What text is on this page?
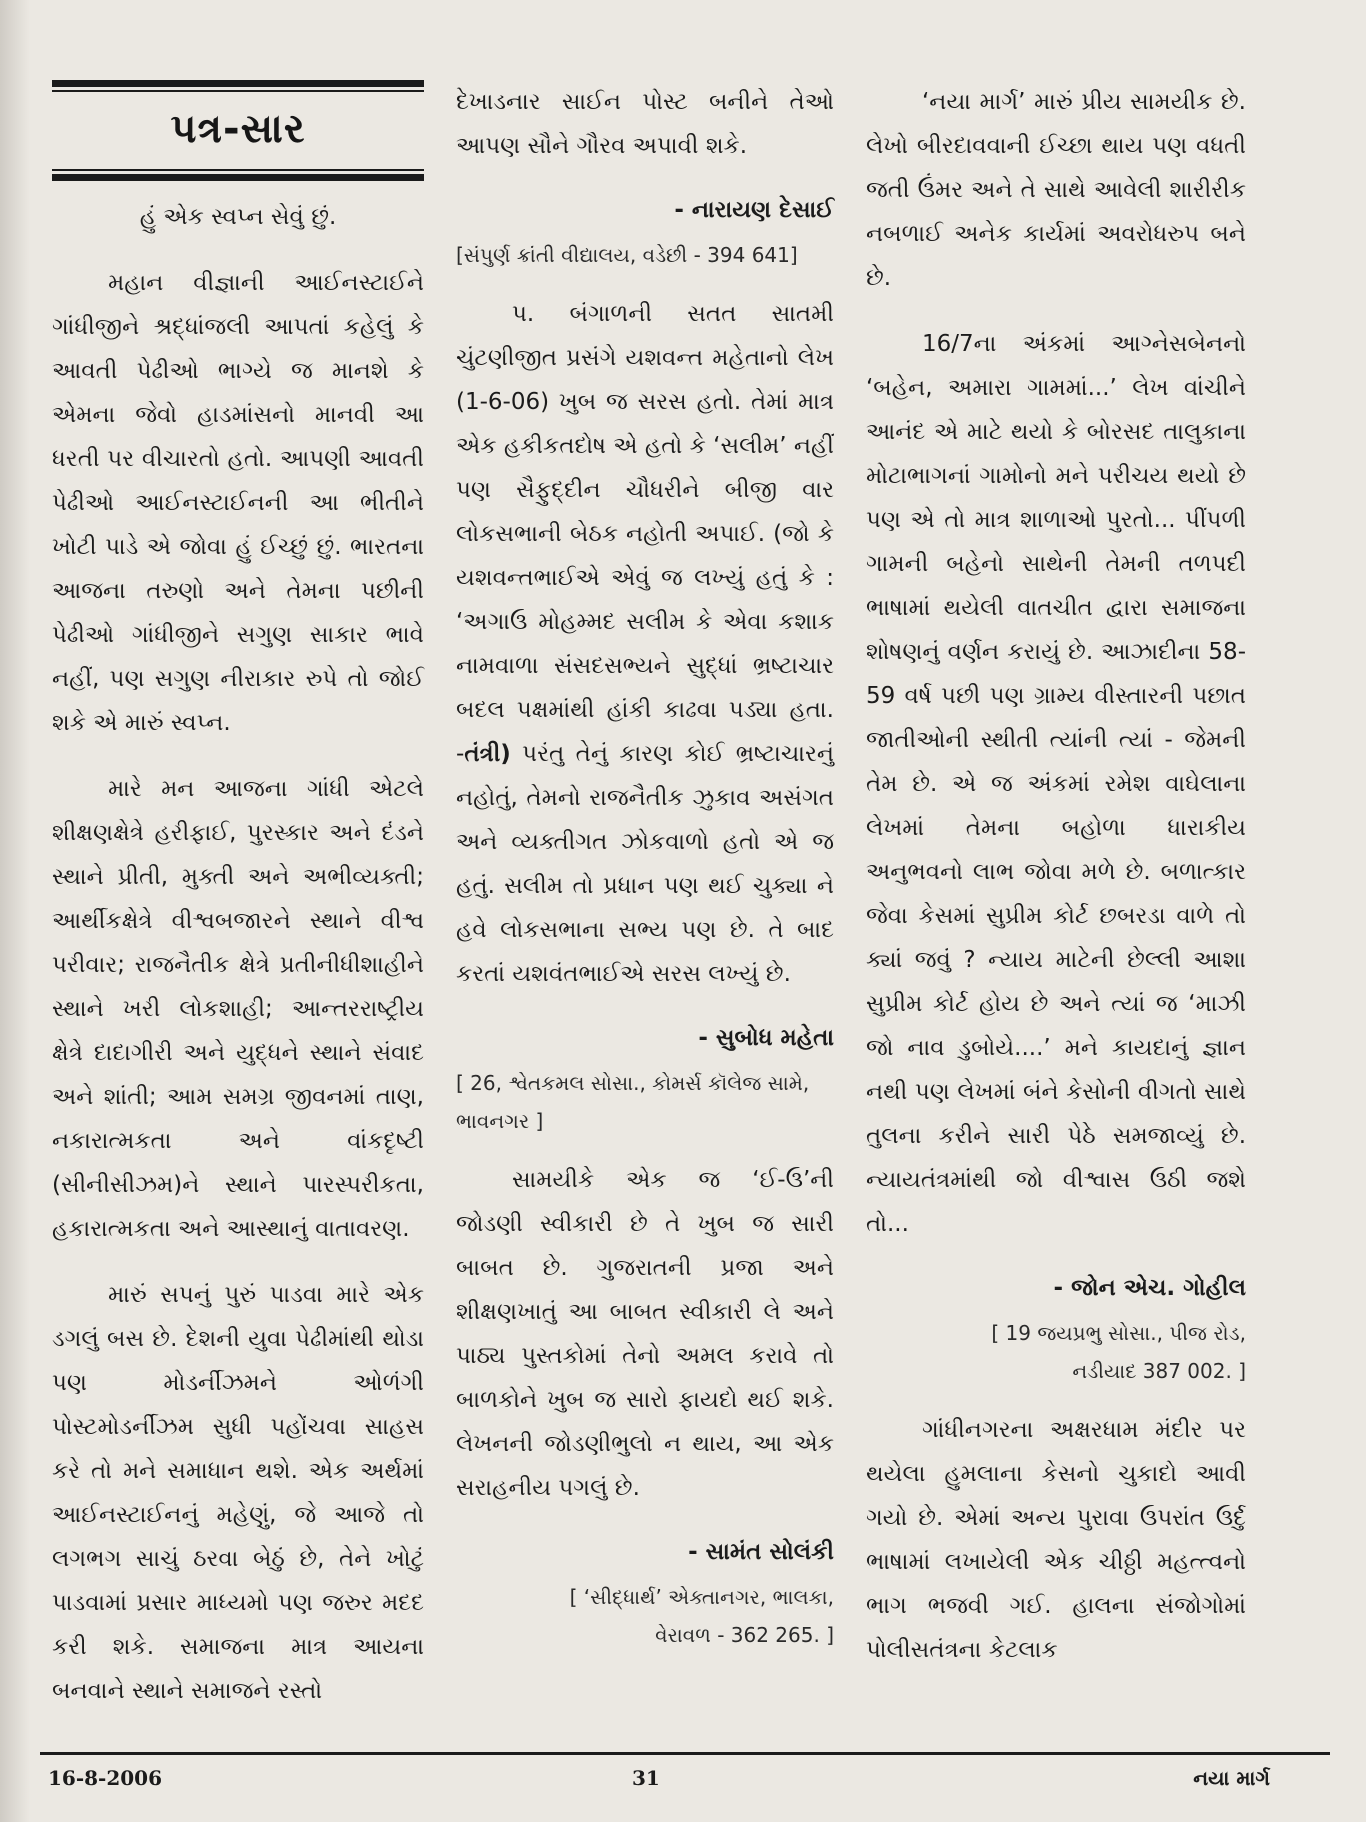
પત્ર-સાર

હું એક સ્વપ્ન સેવું છું.

મહાન વીજ્ઞાની આઈનસ્ટાઈને ગાંધીજીને શ્રદ્ધાંજલી આપતાં કહેલું કે આવતી પેઢીઓ ભાગ્યે જ માનશે કે એમના જેવો હાડમાંસનો માનવી આ ધરતી પર વીચારતો હતો. આપણી આવતી પેઢીઓ આઈનસ્ટાઈનની આ ભીતીને ખોટી પાડે એ જોવા હું ઈચ્છું છું. ભારતના આજના તરુણો અને તેમના પછીની પેઢીઓ ગાંધીજીને સગુણ સાકાર ભાવે નહીં, પણ સગુણ નીરાકાર રુપે તો જોઈ શકે એ મારું સ્વપ્ન.

મારે મન આજના ગાંધી એટલે શીક્ષણક્ષેત્રે હરીફાઈ, પુરસ્કાર અને દંડને સ્થાને પ્રીતી, મુક્તી અને અભીવ્યક્તી; આર્થીકક્ષેત્રે વીશ્વબજારને સ્થાને વીશ્વ પરીવાર; રાજનૈતીક ક્ષેત્રે પ્રતીનીધીશાહીને સ્થાને ખરી લોકશાહી; આન્તરરાષ્ટ્રીય ક્ષેત્રે દાદાગીરી અને યુદ્ધને સ્થાને સંવાદ અને શાંતી; આમ સમગ્ર જીવનમાં તાણ, નકારાત્મકતા અને વાંકદૃષ્ટી (સીનીસીઝમ)ને સ્થાને પારસ્પરીકતા, હકારાત્મકતા અને આસ્થાનું વાતાવરણ.

મારું સપનું પુરું પાડવા મારે એક ડગલું બસ છે. દેશની યુવા પેઢીમાંથી થોડા પણ મોડર્નીઝમને ઓળંગી પોસ્ટમોડર્નીઝમ સુધી પહોંચવા સાહસ કરે તો મને સમાધાન થશે. એક અર્થમાં આઈનસ્ટાઈનનું મહેણું, જે આજે તો લગભગ સાચું ઠરવા બેઠું છે, તેને ખોટું પાડવામાં પ્રસાર માધ્યમો પણ જરુર મદદ કરી શકે. સમાજના માત્ર આયના બનવાને સ્થાને સમાજને રસ્તો

દેખાડનાર સાઈન પોસ્ટ બનીને તેઓ આપણ સૌને ગૌરવ અપાવી શકે.

- નારાયણ દેસાઈ
[સંપુર્ણ ક્રાંતી વીદ્યાલય, વડેછી - 394 641]

પ. બંગાળની સતત સાતમી ચુંટણીજીત પ્રસંગે યશવન્ત મહેતાનો લેખ (1-6-06) ખુબ જ સરસ હતો. તેમાં માત્ર એક હકીકતદોષ એ હતો કે ‘સલીમ’ નહીં પણ સૈફુદ્દીન ચૌધરીને બીજી વાર લોકસભાની બેઠક નહોતી અપાઈ. (જો કે યશવન્તભાઈએ એવું જ લખ્યું હતું કે : ‘અગાઉ મોહમ્મદ સલીમ કે એવા કશાક નામવાળા સંસદસભ્યને સુદ્ધાં ભ્રષ્ટાચાર બદલ પક્ષમાંથી હાંકી કાઢવા પડ્યા હતા. -તંત્રી) પરંતુ તેનું કારણ કોઈ ભ્રષ્ટાચારનું નહોતું, તેમનો રાજનૈતીક ઝુકાવ અસંગત અને વ્યક્તીગત ઝોકવાળો હતો એ જ હતું. સલીમ તો પ્રધાન પણ થઈ ચુક્યા ને હવે લોકસભાના સભ્ય પણ છે. તે બાદ કરતાં યશવંતભાઈએ સરસ લખ્યું છે.

- સુબોધ મહેતા
[ 26, શ્વેતકમલ સોસા., કોમર્સ કૉલેજ સામે, ભાવનગર ]

સામયીકે એક જ ‘ઈ-ઉ’ની જોડણી સ્વીકારી છે તે ખુબ જ સારી બાબત છે. ગુજરાતની પ્રજા અને શીક્ષણખાતું આ બાબત સ્વીકારી લે અને પાઠ્ય પુસ્તકોમાં તેનો અમલ કરાવે તો બાળકોને ખુબ જ સારો ફાયદો થઈ શકે. લેખનની જોડણીભુલો ન થાય, આ એક સરાહનીય પગલું છે.

- સામંત સોલંકી
[ ‘સીદ્ધાર્થ’ એક્તાનગર, ભાલકા,
વેરાવળ - 362 265. ]

‘નયા માર્ગ’ મારું પ્રીય સામયીક છે. લેખો બીરદાવવાની ઈચ્છા થાય પણ વધતી જતી ઉંમર અને તે સાથે આવેલી શારીરીક નબળાઈ અનેક કાર્યમાં અવરોધરુપ બને છે.

16/7ના અંકમાં આગ્નેસબેનનો ‘બહેન, અમારા ગામમાં...’ લેખ વાંચીને આનંદ એ માટે થયો કે બોરસદ તાલુકાના મોટાભાગનાં ગામોનો મને પરીચય થયો છે પણ એ તો માત્ર શાળાઓ પુરતો... પીંપળી ગામની બહેનો સાથેની તેમની તળપદી ભાષામાં થયેલી વાતચીત દ્વારા સમાજના શોષણનું વર્ણન કરાયું છે. આઝાદીના 58-59 વર્ષ પછી પણ ગ્રામ્ય વીસ્તારની પછાત જાતીઓની સ્થીતી ત્યાંની ત્યાં - જેમની તેમ છે. એ જ અંકમાં રમેશ વાઘેલાના લેખમાં તેમના બહોળા ધારાકીય અનુભવનો લાભ જોવા મળે છે. બળાત્કાર જેવા કેસમાં સુપ્રીમ કોર્ટ છબરડા વાળે તો ક્યાં જવું ? ન્યાય માટેની છેલ્લી આશા સુપ્રીમ કોર્ટ હોય છે અને ત્યાં જ ‘માઝી જો નાવ ડુબોયે....’ મને કાયદાનું જ્ઞાન નથી પણ લેખમાં બંને કેસોની વીગતો સાથે તુલના કરીને સારી પેઠે સમજાવ્યું છે. ન્યાયતંત્રમાંથી જો વીશ્વાસ ઉઠી જશે તો...

- જોન એચ. ગોહીલ
[ 19 જયપ્રભુ સોસા., પીજ રોડ,
નડીયાદ 387 002. ]

ગાંધીનગરના અક્ષરધામ મંદીર પર થયેલા હુમલાના કેસનો ચુકાદો આવી ગયો છે. એમાં અન્ય પુરાવા ઉપરાંત ઉર્દુ ભાષામાં લખાયેલી એક ચીઠ્ઠી મહત્ત્વનો ભાગ ભજવી ગઈ. હાલના સંજોગોમાં પોલીસતંત્રના કેટલાક

16-8-2006	31	નયા માર્ગ
